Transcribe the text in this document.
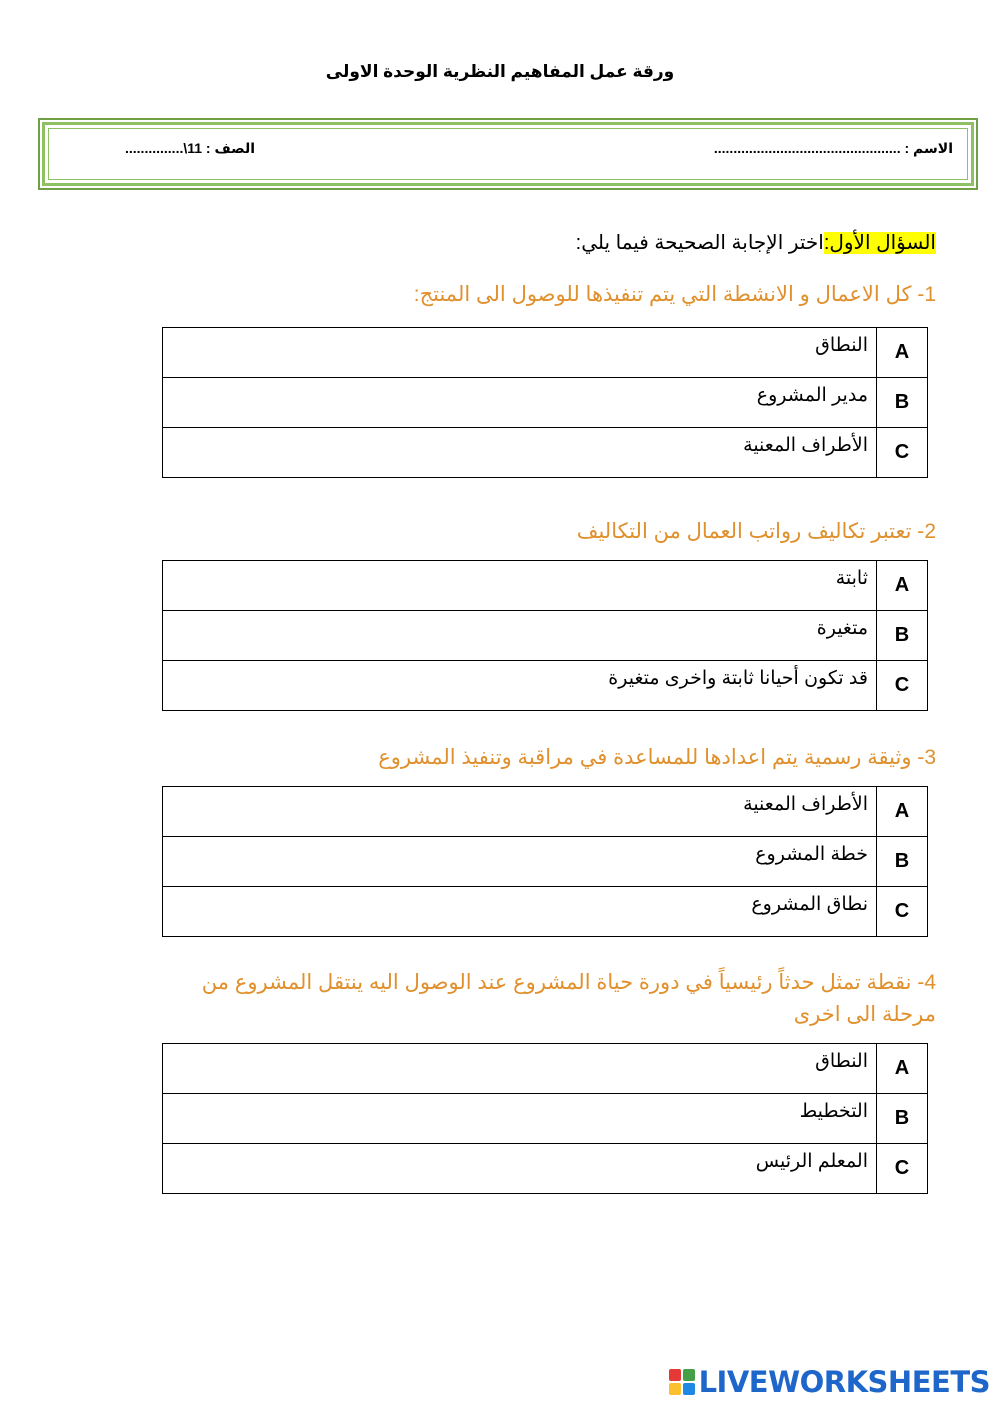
ورقة عمل المفاهيم النظرية الوحدة الاولى
الاسم : ................................................
الصف : 11\...............
السؤال الأول:اختر الإجابة الصحيحة فيما يلي:
1- كل الاعمال و الانشطة التي يتم تنفيذها للوصول الى المنتج:
A	النطاق
B	مدير المشروع
C	الأطراف المعنية
2- تعتبر تكاليف رواتب العمال من التكاليف
A	ثابتة
B	متغيرة
C	قد تكون أحيانا ثابتة واخرى متغيرة
3- وثيقة رسمية يتم اعدادها للمساعدة في مراقبة وتنفيذ المشروع
A	الأطراف المعنية
B	خطة المشروع
C	نطاق المشروع
4- نقطة تمثل حدثاً رئيسياً في دورة حياة المشروع عند الوصول اليه ينتقل المشروع من مرحلة الى اخرى
A	النطاق
B	التخطيط
C	المعلم الرئيس
LIVEWORKSHEETS
